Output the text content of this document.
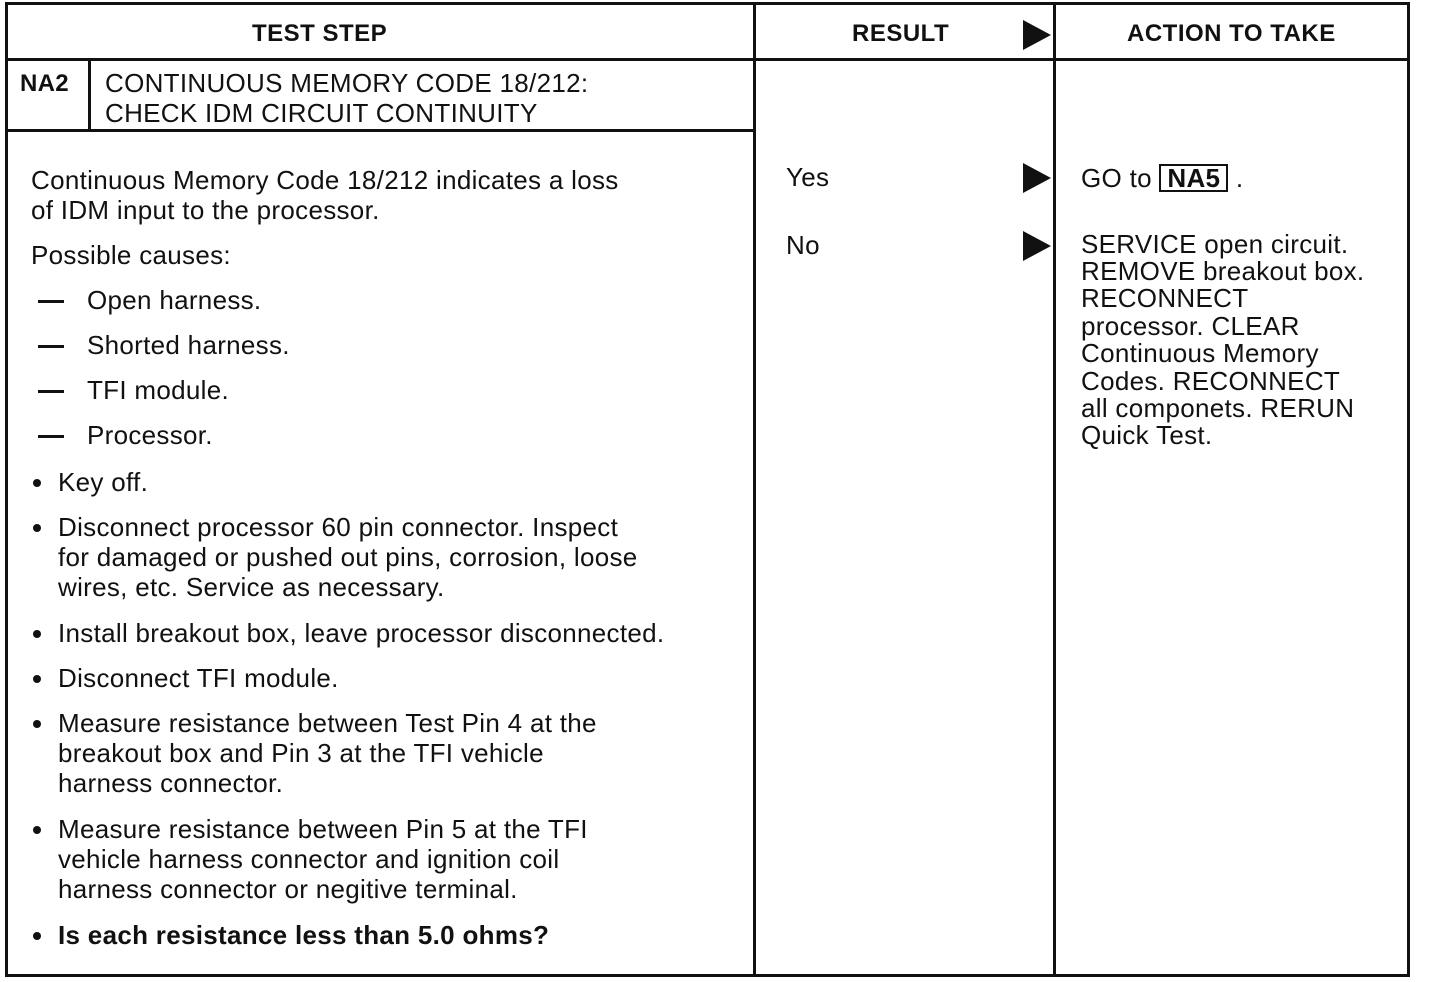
TEST STEP	RESULT	ACTION TO TAKE
NA2 CONTINUOUS MEMORY CODE 18/212:
CHECK IDM CIRCUIT CONTINUITY
Continuous Memory Code 18/212 indicates a loss
of IDM input to the processor.
Possible causes:
Open harness.
Shorted harness.
TFI module.
Processor.
Key off.
Disconnect processor 60 pin connector. Inspect
for damaged or pushed out pins, corrosion, loose
wires, etc. Service as necessary.
Install breakout box, leave processor disconnected.
Disconnect TFI module.
Measure resistance between Test Pin 4 at the
breakout box and Pin 3 at the TFI vehicle
harness connector.
Measure resistance between Pin 5 at the TFI
vehicle harness connector and ignition coil
harness connector or negitive terminal.
Is each resistance less than 5.0 ohms?
Yes
No
GO to NA5 .
SERVICE open circuit.
REMOVE breakout box.
RECONNECT
processor. CLEAR
Continuous Memory
Codes. RECONNECT
all componets. RERUN
Quick Test.
